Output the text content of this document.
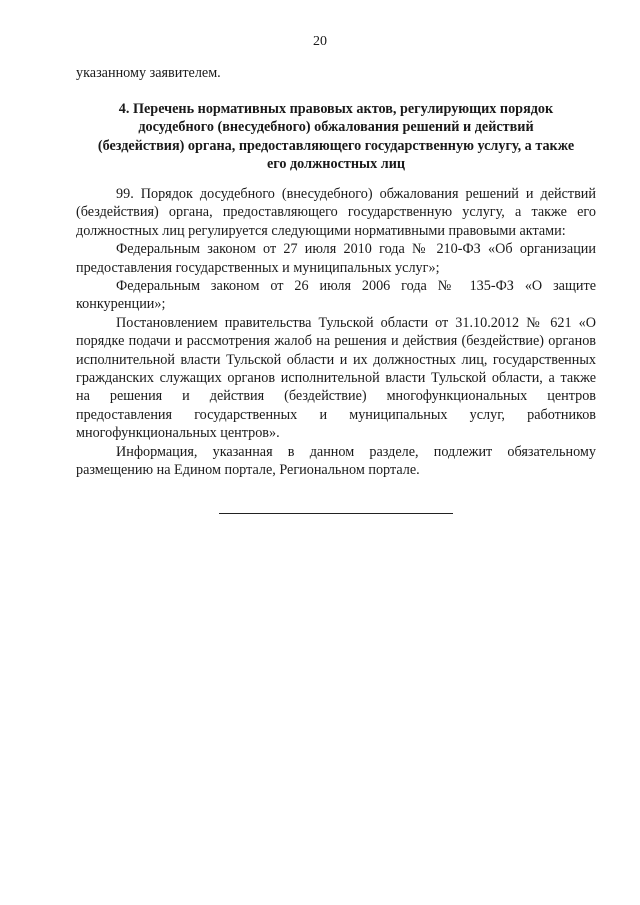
20
указанному заявителем.
4. Перечень нормативных правовых актов, регулирующих порядок досудебного (внесудебного) обжалования решений и действий (бездействия) органа, предоставляющего государственную услугу, а также его должностных лиц

99. Порядок досудебного (внесудебного) обжалования решений и действий (бездействия) органа, предоставляющего государственную услугу, а также его должностных лиц регулируется следующими нормативными правовыми актами:

Федеральным законом от 27 июля 2010 года № 210-ФЗ «Об организации предоставления государственных и муниципальных услуг»;

Федеральным законом от 26 июля 2006 года № 135-ФЗ «О защите конкуренции»;

Постановлением правительства Тульской области от 31.10.2012 № 621 «О порядке подачи и рассмотрения жалоб на решения и действия (бездействие) органов исполнительной власти Тульской области и их должностных лиц, государственных гражданских служащих органов исполнительной власти Тульской области, а также на решения и действия (бездействие) многофункциональных центров предоставления государственных и муниципальных услуг, работников многофункциональных центров».

Информация, указанная в данном разделе, подлежит обязательному размещению на Едином портале, Региональном портале.
